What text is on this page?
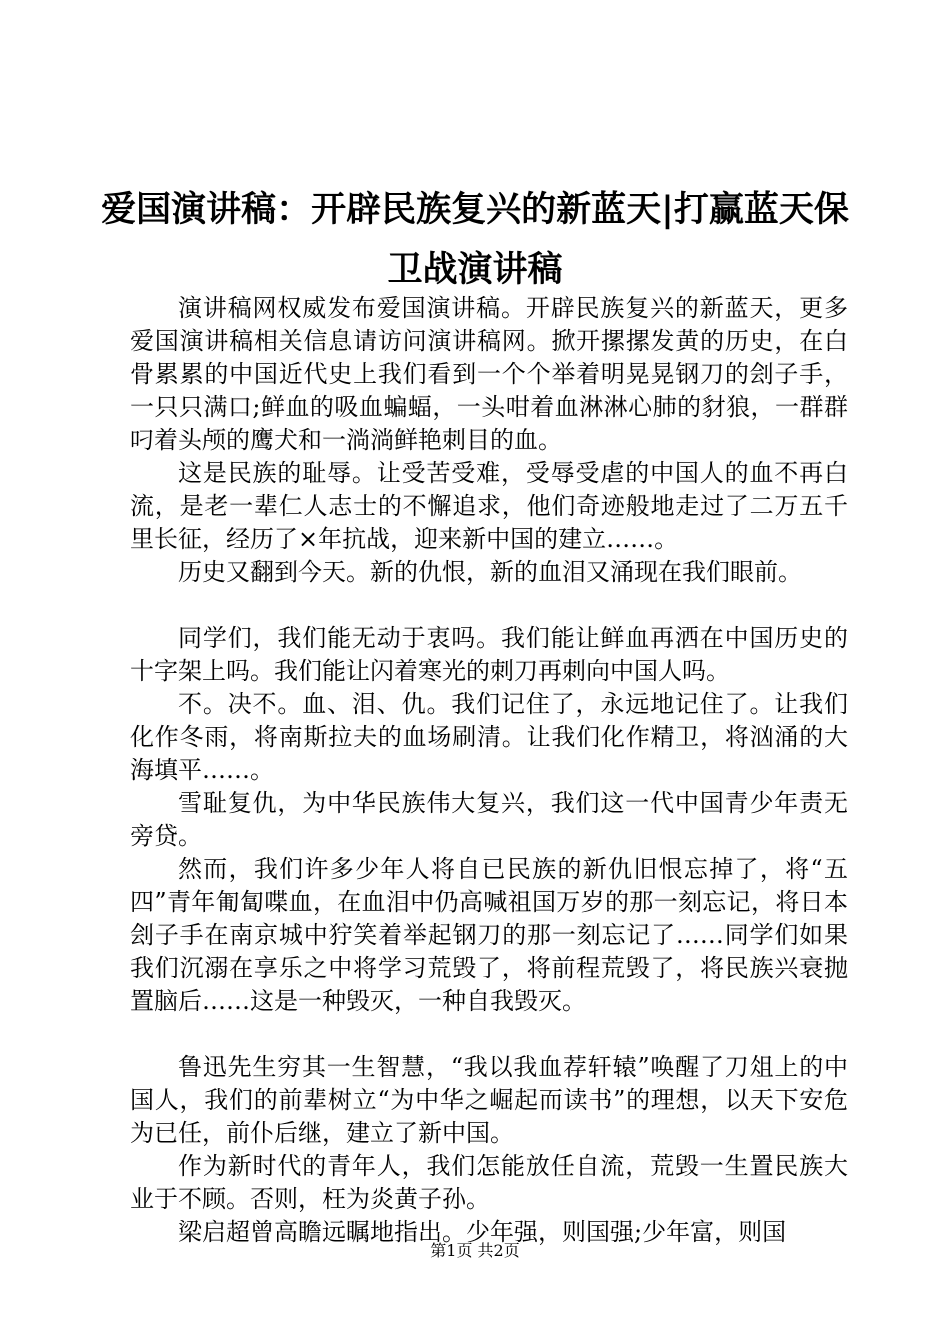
爱国演讲稿：开辟民族复兴的新蓝天|打赢蓝天保卫战演讲稿

演讲稿网权威发布爱国演讲稿。开辟民族复兴的新蓝天，更多爱国演讲稿相关信息请访问演讲稿网。掀开摞摞发黄的历史，在白骨累累的中国近代史上我们看到一个个举着明晃晃钢刀的刽子手，一只只满口;鲜血的吸血蝙蝠，一头咁着血淋淋心肺的豺狼，一群群叼着头颅的鹰犬和一淌淌鲜艳刺目的血。

这是民族的耻辱。让受苦受难，受辱受虐的中国人的血不再白流，是老一辈仁人志士的不懈追求，他们奇迹般地走过了二万五千里长征，经历了×年抗战，迎来新中国的建立……。

历史又翻到今天。新的仇恨，新的血泪又涌现在我们眼前。

同学们，我们能无动于衷吗。我们能让鲜血再洒在中国历史的十字架上吗。我们能让闪着寒光的刺刀再刺向中国人吗。

不。决不。血、泪、仇。我们记住了，永远地记住了。让我们化作冬雨，将南斯拉夫的血场刷清。让我们化作精卫，将汹涌的大海填平……。

雪耻复仇，为中华民族伟大复兴，我们这一代中国青少年责无旁贷。

然而，我们许多少年人将自已民族的新仇旧恨忘掉了，将“五四”青年匍匐喋血，在血泪中仍高喊祖国万岁的那一刻忘记，将日本刽子手在南京城中狞笑着举起钢刀的那一刻忘记了……同学们如果我们沉溺在享乐之中将学习荒毁了，将前程荒毁了，将民族兴衰抛置脑后……这是一种毁灭，一种自我毁灭。

鲁迅先生穷其一生智慧，“我以我血荐轩辕”唤醒了刀俎上的中国人，我们的前辈树立“为中华之崛起而读书”的理想，以天下安危为已任，前仆后继，建立了新中国。

作为新时代的青年人，我们怎能放任自流，荒毁一生置民族大业于不顾。否则，枉为炎黄子孙。

梁启超曾高瞻远瞩地指出。少年强，则国强;少年富，则国

第1页 共2页
